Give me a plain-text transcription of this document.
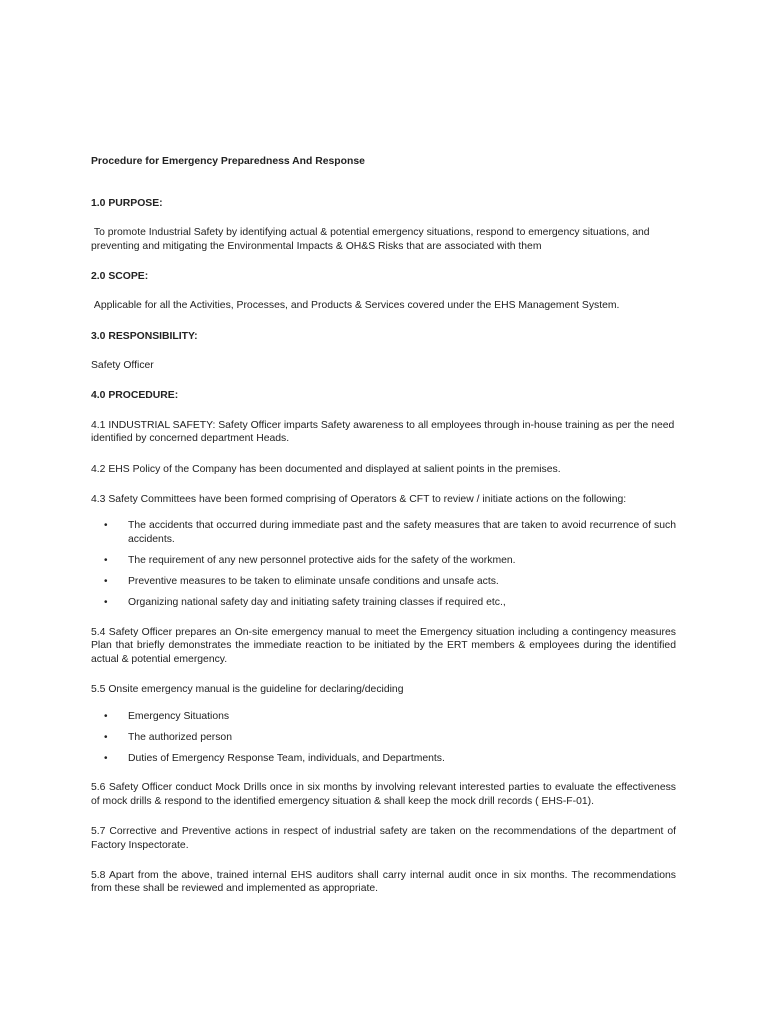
Procedure for Emergency Preparedness And Response
1.0 PURPOSE:
To promote Industrial Safety by identifying actual & potential emergency situations, respond to emergency situations, and preventing and mitigating the Environmental Impacts & OH&S Risks that are associated with them
2.0 SCOPE:
Applicable for all the Activities, Processes, and Products & Services covered under the EHS Management System.
3.0 RESPONSIBILITY:
Safety Officer
4.0 PROCEDURE:
4.1 INDUSTRIAL SAFETY: Safety Officer imparts Safety awareness to all employees through in-house training as per the need identified by concerned department Heads.
4.2 EHS Policy of the Company has been documented and displayed at salient points in the premises.
4.3 Safety Committees have been formed comprising of Operators & CFT to review / initiate actions on the following:
• The accidents that occurred during immediate past and the safety measures that are taken to avoid recurrence of such accidents.
• The requirement of any new personnel protective aids for the safety of the workmen.
• Preventive measures to be taken to eliminate unsafe conditions and unsafe acts.
• Organizing national safety day and initiating safety training classes if required etc.,
5.4 Safety Officer prepares an On-site emergency manual to meet the Emergency situation including a contingency measures Plan that briefly demonstrates the immediate reaction to be initiated by the ERT members & employees during the identified actual & potential emergency.
5.5 Onsite emergency manual is the guideline for declaring/deciding
• Emergency Situations
• The authorized person
• Duties of Emergency Response Team, individuals, and Departments.
5.6 Safety Officer conduct Mock Drills once in six months by involving relevant interested parties to evaluate the effectiveness of mock drills & respond to the identified emergency situation & shall keep the mock drill records ( EHS-F-01).
5.7 Corrective and Preventive actions in respect of industrial safety are taken on the recommendations of the department of Factory Inspectorate.
5.8 Apart from the above, trained internal EHS auditors shall carry internal audit once in six months. The recommendations from these shall be reviewed and implemented as appropriate.
